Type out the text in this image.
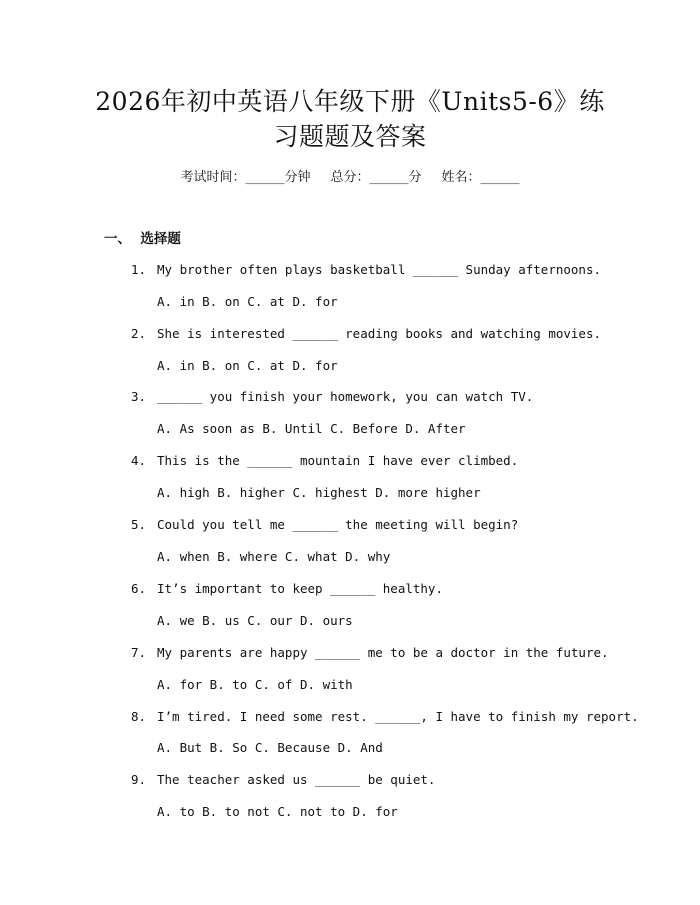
2026年初中英语八年级下册《Units5-6》练
习题题及答案
考试时间：______分钟 总分：______分 姓名：______
一、  选择题
1. My brother often plays basketball ______ Sunday afternoons.
A. in B. on C. at D. for
2. She is interested ______ reading books and watching movies.
A. in B. on C. at D. for
3. ______ you finish your homework, you can watch TV.
A. As soon as B. Until C. Before D. After
4. This is the ______ mountain I have ever climbed.
A. high B. higher C. highest D. more higher
5. Could you tell me ______ the meeting will begin?
A. when B. where C. what D. why
6. It’s important to keep ______ healthy.
A. we B. us C. our D. ours
7. My parents are happy ______ me to be a doctor in the future.
A. for B. to C. of D. with
8. I’m tired. I need some rest. ______, I have to finish my report.
A. But B. So C. Because D. And
9. The teacher asked us ______ be quiet.
A. to B. to not C. not to D. for
